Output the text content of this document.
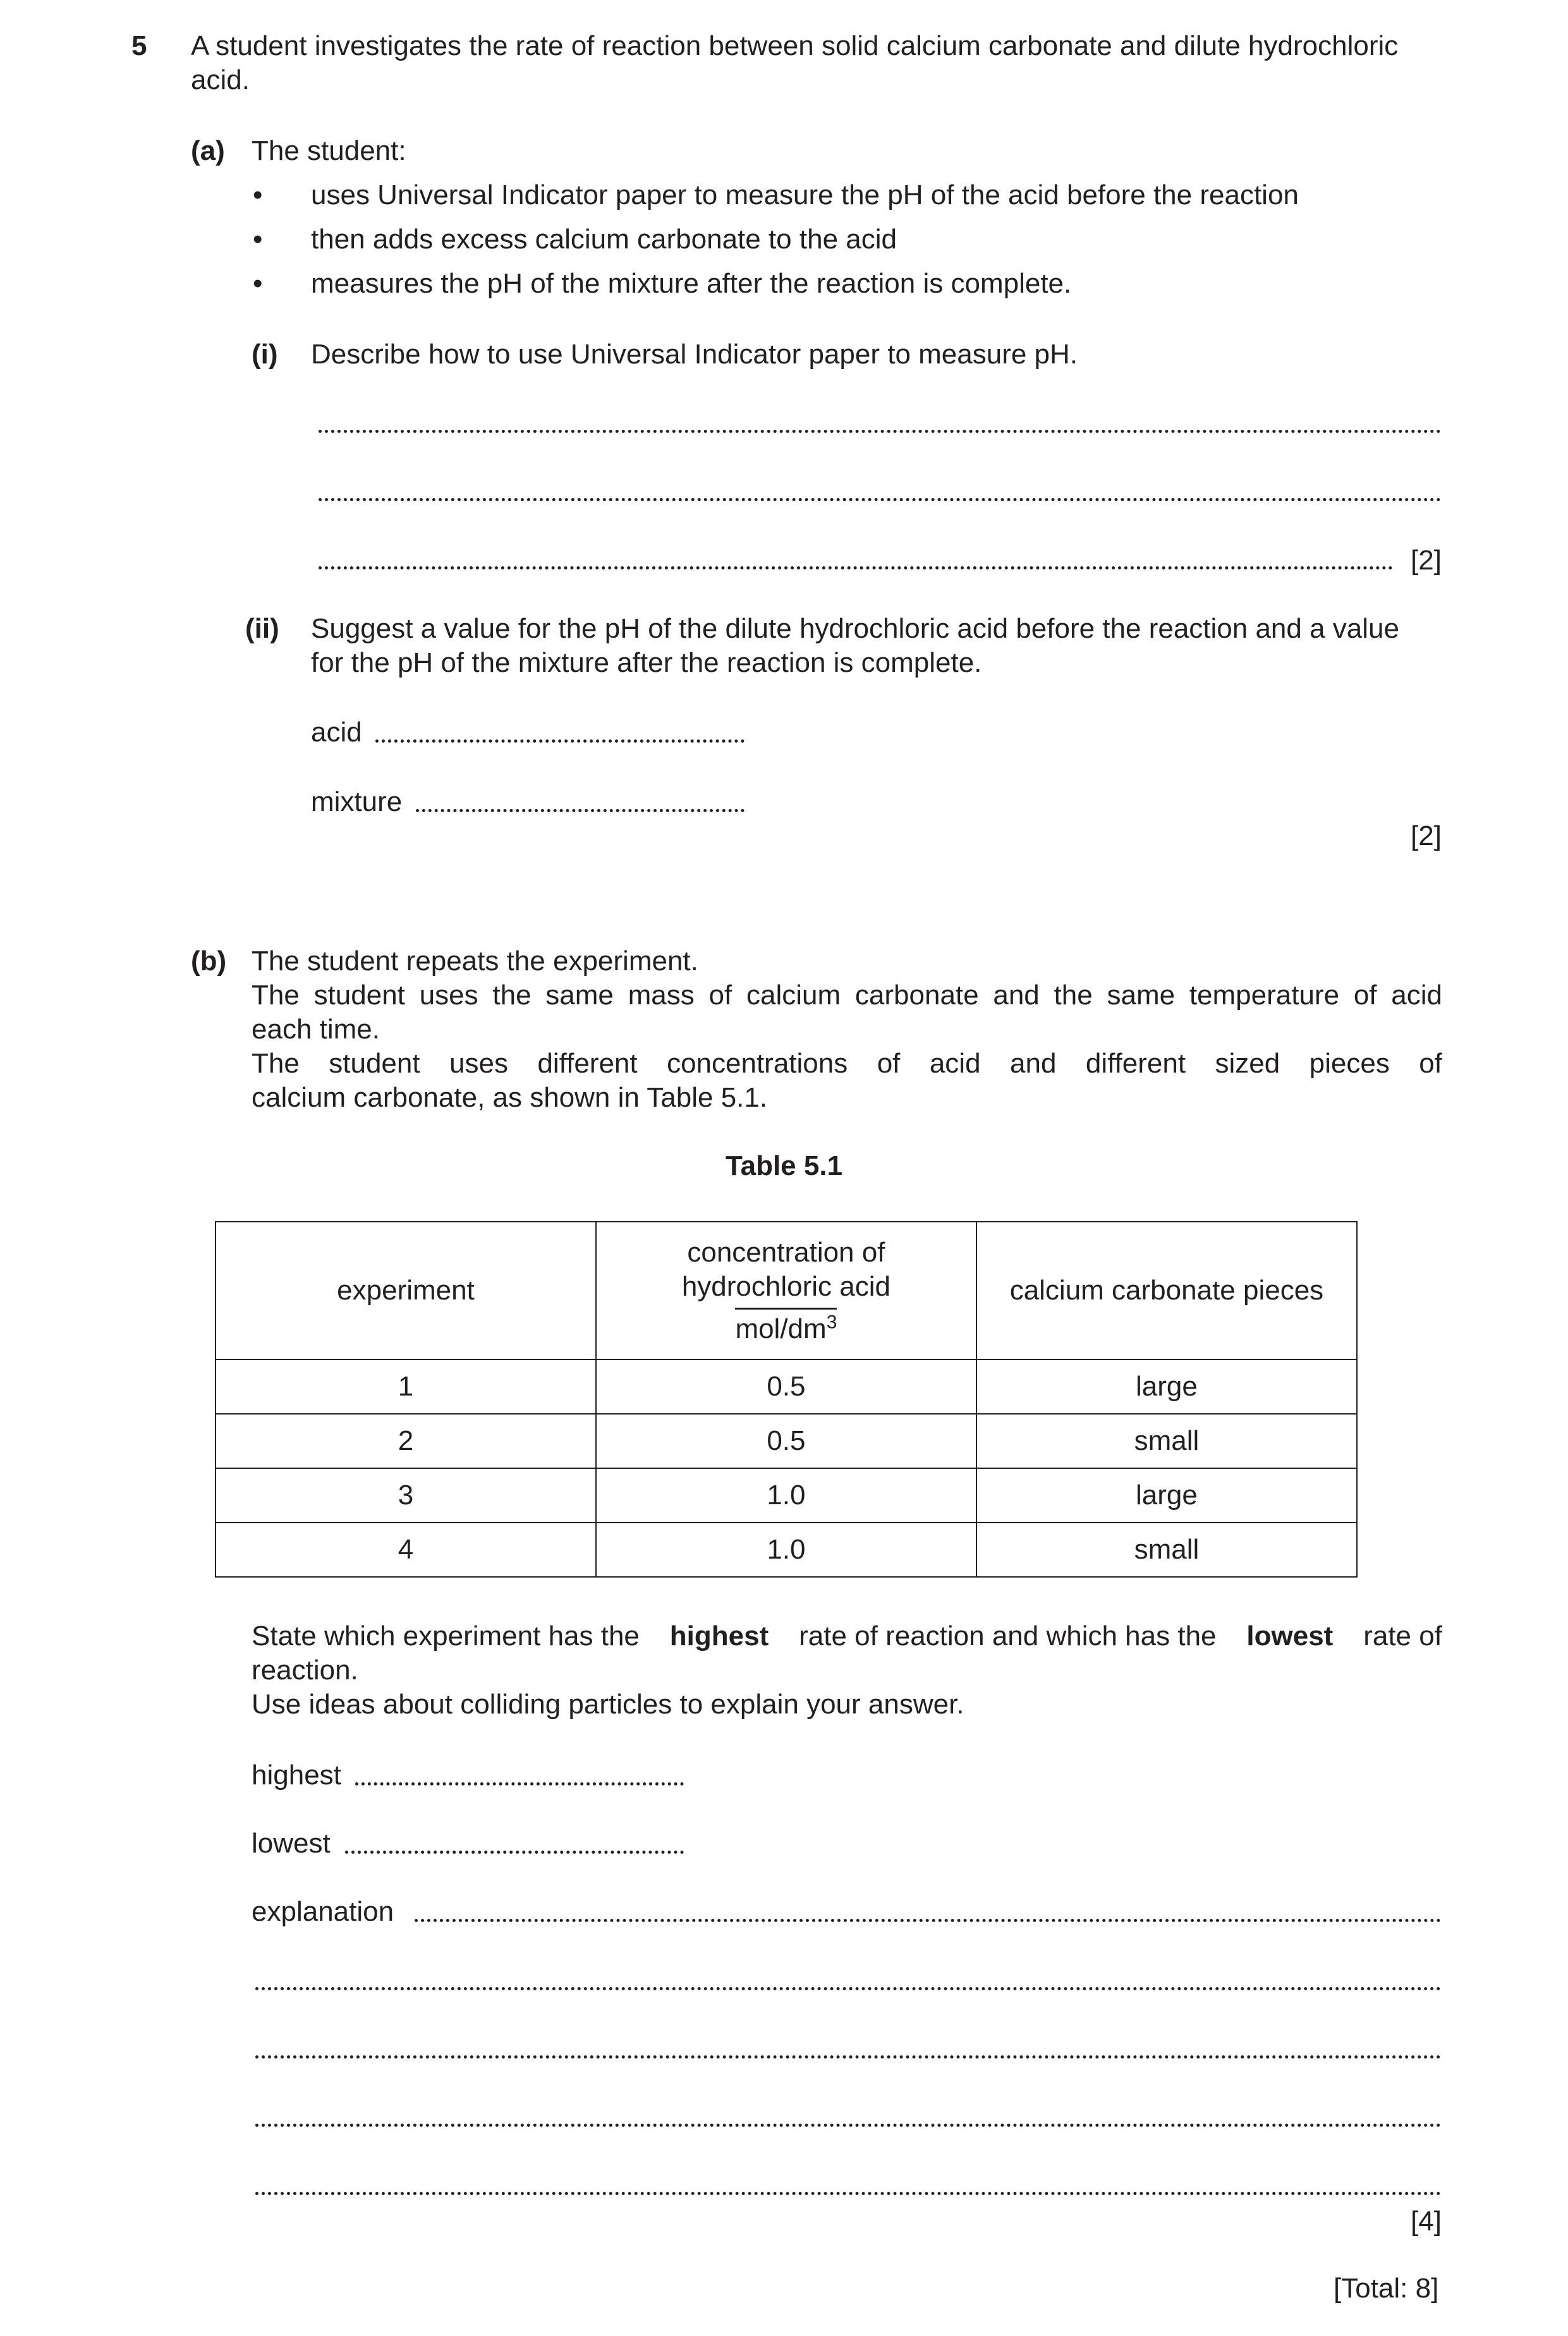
5 A student investigates the rate of reaction between solid calcium carbonate and dilute hydrochloric
acid.
(a) The student:
• uses Universal Indicator paper to measure the pH of the acid before the reaction
• then adds excess calcium carbonate to the acid
• measures the pH of the mixture after the reaction is complete.
(i) Describe how to use Universal Indicator paper to measure pH.
[2]
(ii) Suggest a value for the pH of the dilute hydrochloric acid before the reaction and a value
for the pH of the mixture after the reaction is complete.
acid
mixture
[2]
(b) The student repeats the experiment.
The student uses the same mass of calcium carbonate and the same temperature of acid
each time.
The student uses different concentrations of acid and different sized pieces of
calcium carbonate, as shown in Table 5.1.
Table 5.1
experiment	concentration of
hydrochloric acid
mol/$dm^3$	calcium carbonate pieces
1	0.5	large
2	0.5	small
3	1.0	large
4	1.0	small
State which experiment has the highest rate of reaction and which has the lowest rate of
reaction.
Use ideas about colliding particles to explain your answer.
highest
lowest
explanation
[4]
[Total: 8]
